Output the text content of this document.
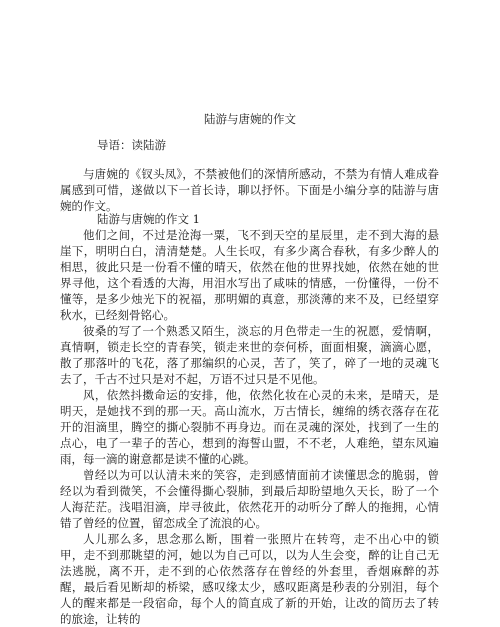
陆游与唐婉的作文
导语：读陆游

与唐婉的《钗头凤》，不禁被他们的深情所感动，不禁为有情人难成眷属感到可惜，遂做以下一首长诗，聊以抒怀。下面是小编分享的陆游与唐婉的作文。

陆游与唐婉的作文 1

他们之间，不过是沧海一粟，飞不到天空的星辰里，走不到大海的悬崖下，明明白白，清清楚楚。人生长叹，有多少离合春秋，有多少醉人的相思，彼此只是一份看不懂的晴天，依然在他的世界找她，依然在她的世界寻他，这个看透的大海，用泪水写出了咸味的情感，一份懂得，一份不懂等，是多少烛光下的祝福，那明媚的真意，那淡薄的来不及，已经望穿秋水，已经刻骨铭心。

彼桑的写了一个熟悉又陌生，淡忘的月色带走一生的祝愿，爱情啊，真情啊，锁走长空的青春笑，锁走来世的奈何桥，面面相聚，滴滴心愿，散了那落叶的飞花，落了那编织的心灵，苦了，笑了，碎了一地的灵魂飞去了，千古不过只是对不起，万语不过只是不见他。

风，依然抖擞命运的安排，他，依然化妆在心灵的未来，是晴天，是明天，是她找不到的那一天。高山流水，万古情长，缠绵的绣衣落存在花开的泪滴里，腾空的撕心裂肺不再身边。而在灵魂的深处，找到了一生的点心，电了一辈子的苦心，想到的海誓山盟，不不老，人难绝，望东风遍雨，每一滴的谢意都是读不懂的心跳。

曾经以为可以认清未来的笑容，走到感情面前才读懂思念的脆弱，曾经以为看到微笑，不会懂得撕心裂肺，到最后却盼望地久天长，盼了一个人海茫茫。浅唱泪滴，岸寻彼此，依然花开的动听分了醉人的拖拥，心情错了曾经的位置，留恋成全了流浪的心。

人儿那么多，思念那么断，围着一张照片在转弯，走不出心中的锁甲，走不到那眺望的河，她以为自己可以，以为人生会变，醉的让自己无法逃脱，离不开，走不到的心依然落存在曾经的外套里，香烟麻醉的苏醒，最后看见断却的桥梁，感叹缘太少，感叹距离是秒表的分别泪，每个人的醒来都是一段宿命，每个人的简直成了新的开始，让改的简历去了转的旅途，让转的
